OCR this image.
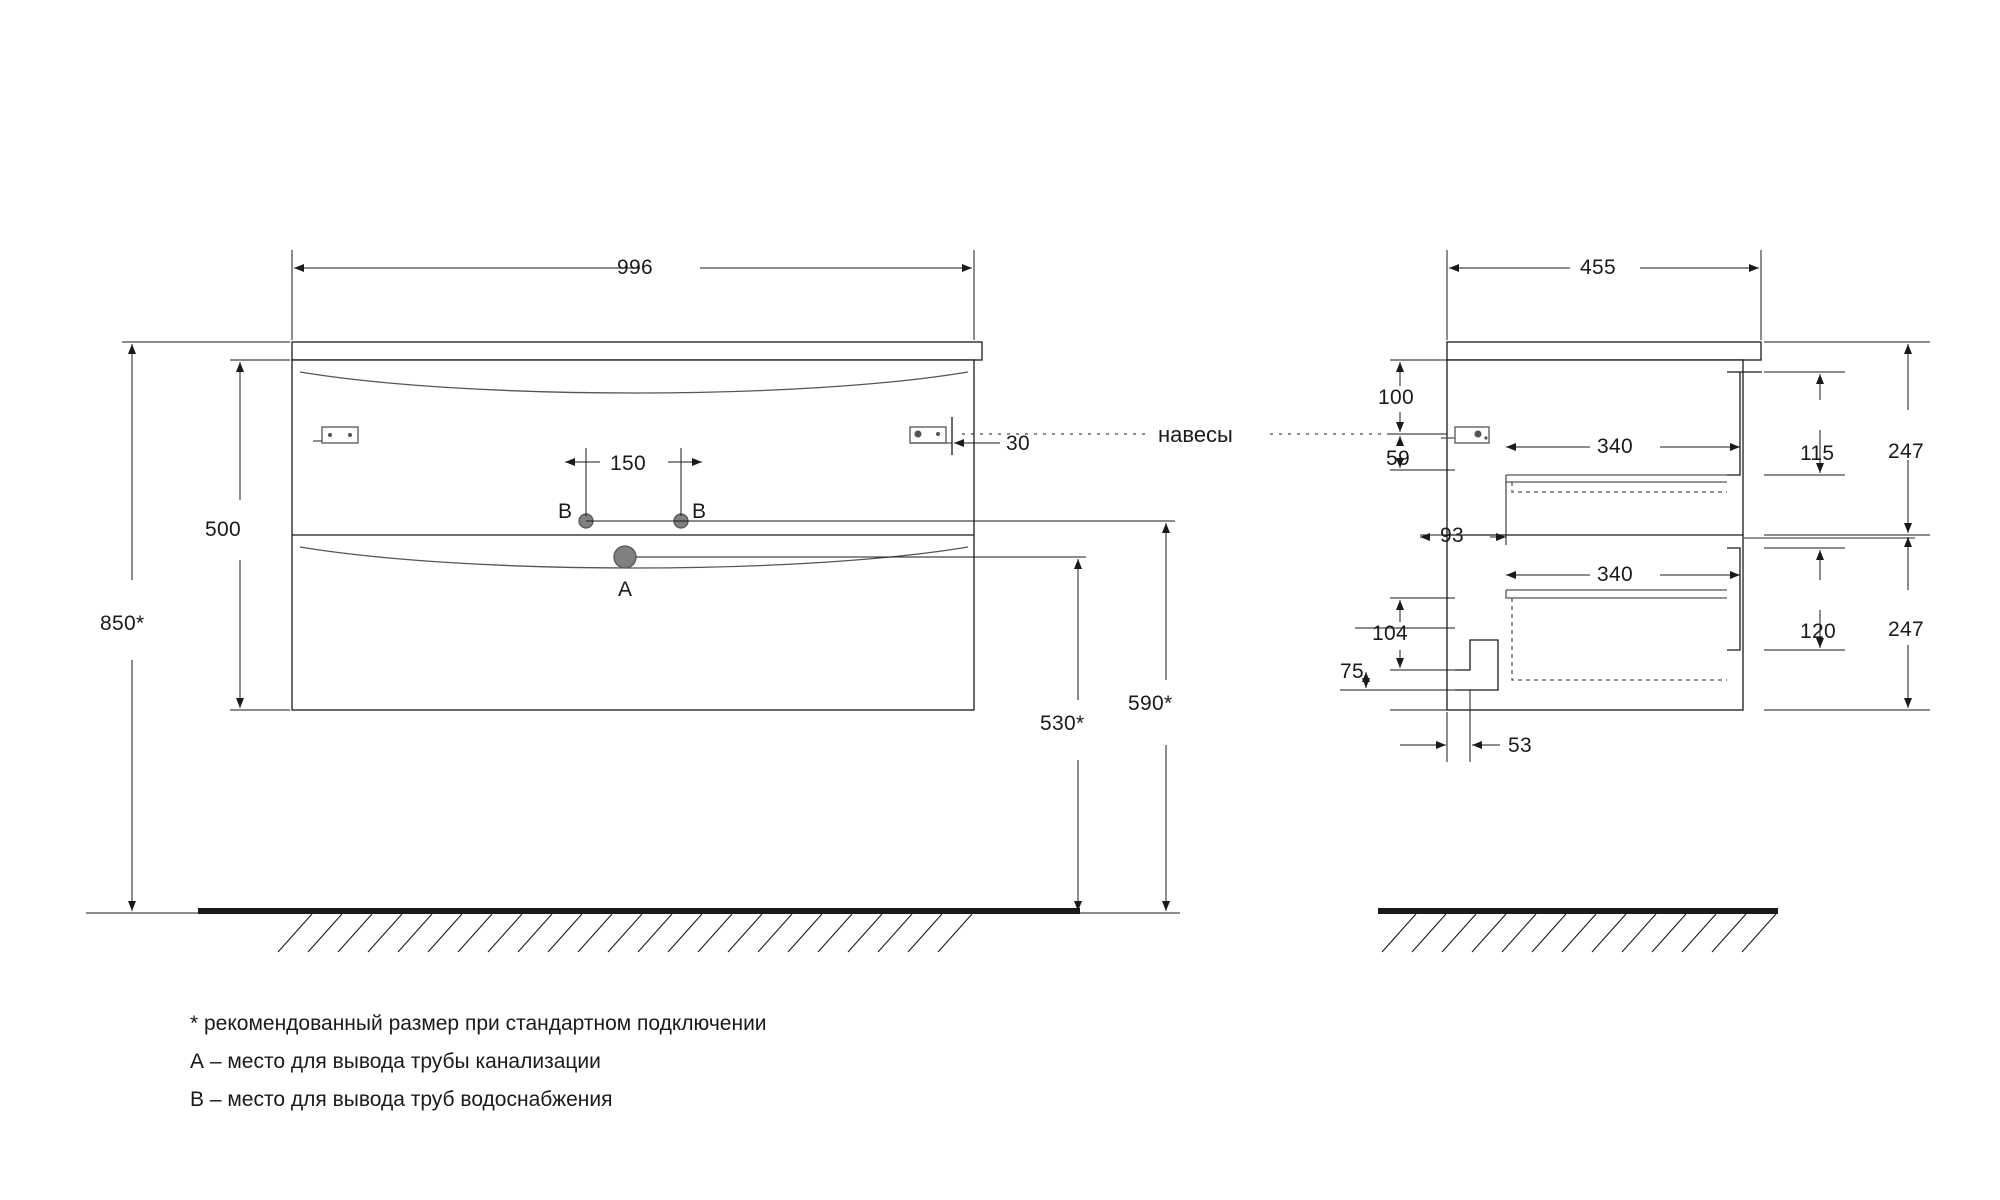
996
500
850*
30
150
530*
590*
B	B
A
навесы
455
100
59
93
340
340
115
120
247
247
104
75
53
* рекомендованный размер при стандартном подключении
А – место для вывода трубы канализации
В – место для вывода труб водоснабжения
